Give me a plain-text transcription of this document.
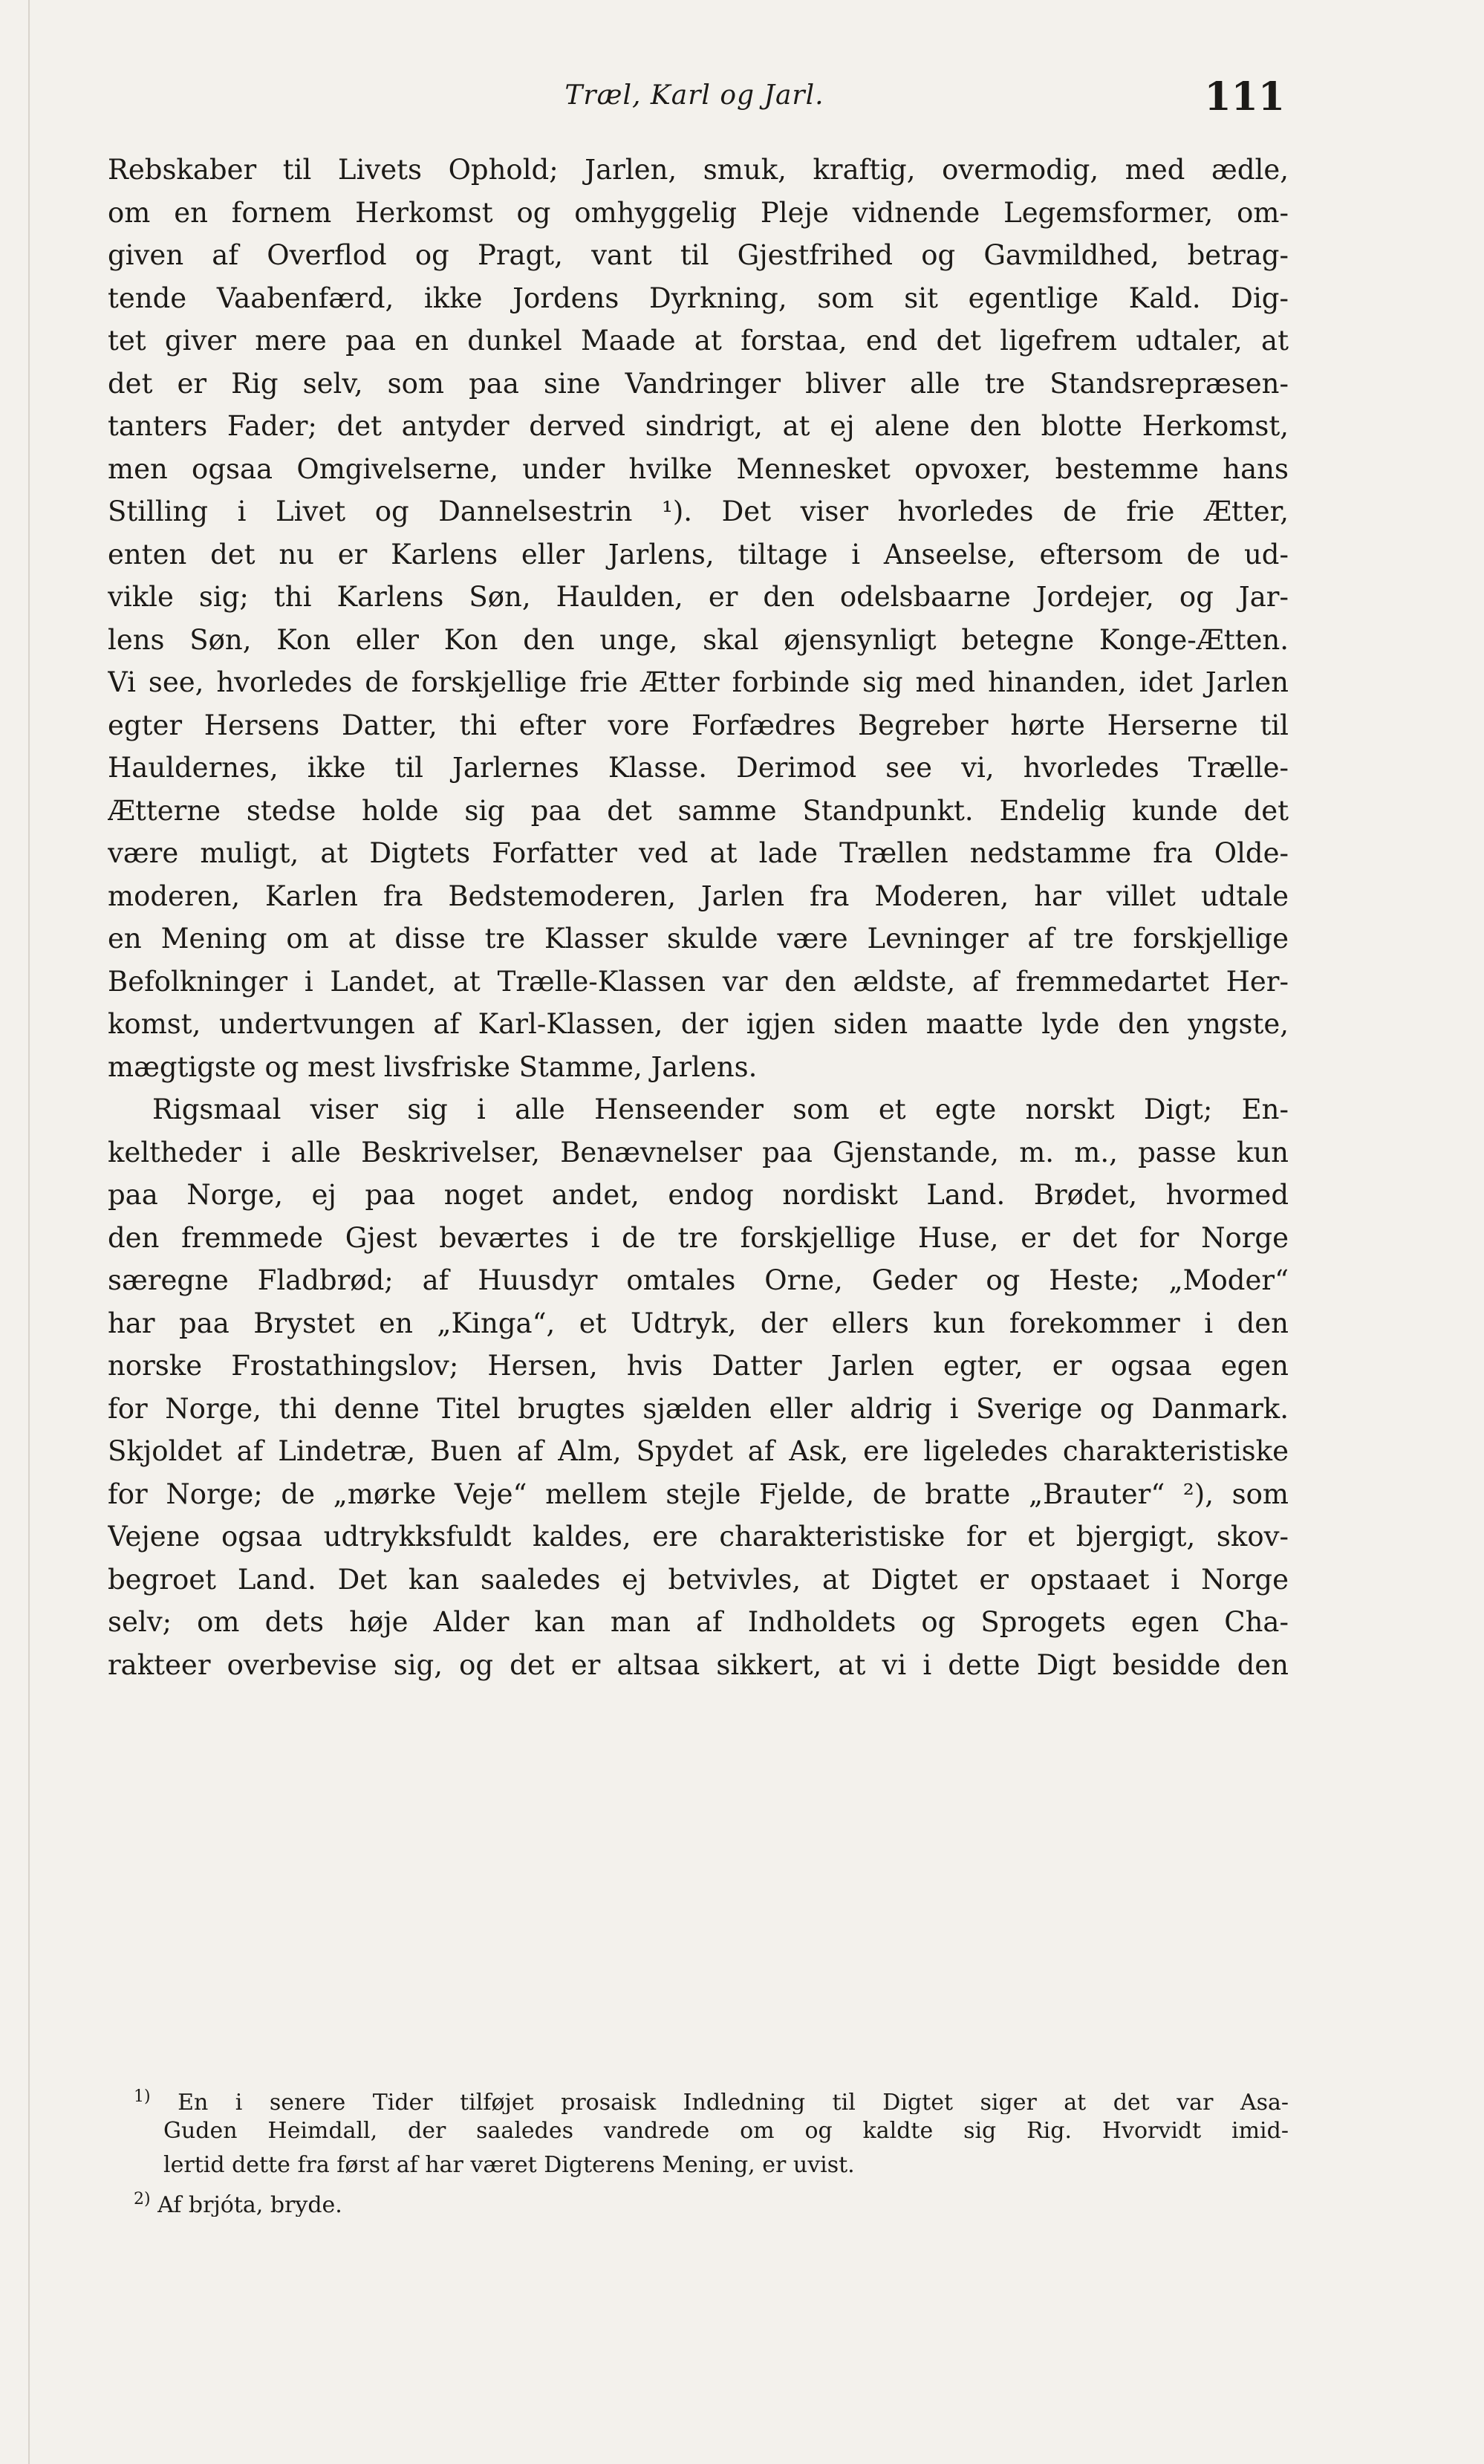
Træl, Karl og Jarl.	111
Rebskaber til Livets Ophold; Jarlen, smuk, kraftig, overmodig, med ædle,
om en fornem Herkomst og omhyggelig Pleje vidnende Legemsformer, om-
given af Overflod og Pragt, vant til Gjestfrihed og Gavmildhed, betrag-
tende Vaabenfærd, ikke Jordens Dyrkning, som sit egentlige Kald. Dig-
tet giver mere paa en dunkel Maade at forstaa, end det ligefrem udtaler, at
det er Rig selv, som paa sine Vandringer bliver alle tre Standsrepræsen-
tanters Fader; det antyder derved sindrigt, at ej alene den blotte Herkomst,
men ogsaa Omgivelserne, under hvilke Mennesket opvoxer, bestemme hans
Stilling i Livet og Dannelsestrin ¹). Det viser hvorledes de frie Ætter,
enten det nu er Karlens eller Jarlens, tiltage i Anseelse, eftersom de ud-
vikle sig; thi Karlens Søn, Haulden, er den odelsbaarne Jordejer, og Jar-
lens Søn, Kon eller Kon den unge, skal øjensynligt betegne Konge-Ætten.
Vi see, hvorledes de forskjellige frie Ætter forbinde sig med hinanden, idet Jarlen
egter Hersens Datter, thi efter vore Forfædres Begreber hørte Herserne til
Hauldernes, ikke til Jarlernes Klasse. Derimod see vi, hvorledes Trælle-
Ætterne stedse holde sig paa det samme Standpunkt. Endelig kunde det
være muligt, at Digtets Forfatter ved at lade Trællen nedstamme fra Olde-
moderen, Karlen fra Bedstemoderen, Jarlen fra Moderen, har villet udtale
en Mening om at disse tre Klasser skulde være Levninger af tre forskjellige
Befolkninger i Landet, at Trælle-Klassen var den ældste, af fremmedartet Her-
komst, undertvungen af Karl-Klassen, der igjen siden maatte lyde den yngste,
mægtigste og mest livsfriske Stamme, Jarlens.
Rigsmaal viser sig i alle Henseender som et egte norskt Digt; En-
keltheder i alle Beskrivelser, Benævnelser paa Gjenstande, m. m., passe kun
paa Norge, ej paa noget andet, endog nordiskt Land. Brødet, hvormed
den fremmede Gjest beværtes i de tre forskjellige Huse, er det for Norge
særegne Fladbrød; af Huusdyr omtales Orne, Geder og Heste; „Moder“
har paa Brystet en „Kinga“, et Udtryk, der ellers kun forekommer i den
norske Frostathingslov; Hersen, hvis Datter Jarlen egter, er ogsaa egen
for Norge, thi denne Titel brugtes sjælden eller aldrig i Sverige og Danmark.
Skjoldet af Lindetræ, Buen af Alm, Spydet af Ask, ere ligeledes charakteristiske
for Norge; de „mørke Veje“ mellem stejle Fjelde, de bratte „Brauter“ ²), som
Vejene ogsaa udtrykksfuldt kaldes, ere charakteristiske for et bjergigt, skov-
begroet Land. Det kan saaledes ej betvivles, at Digtet er opstaaet i Norge
selv; om dets høje Alder kan man af Indholdets og Sprogets egen Cha-
rakteer overbevise sig, og det er altsaa sikkert, at vi i dette Digt besidde den
$^{1)}$ En i senere Tider tilføjet prosaisk Indledning til Digtet siger at det var Asa-
Guden Heimdall, der saaledes vandrede om og kaldte sig Rig. Hvorvidt imid-
lertid dette fra først af har været Digterens Mening, er uvist.
$^{2)}$ Af brjóta, bryde.
